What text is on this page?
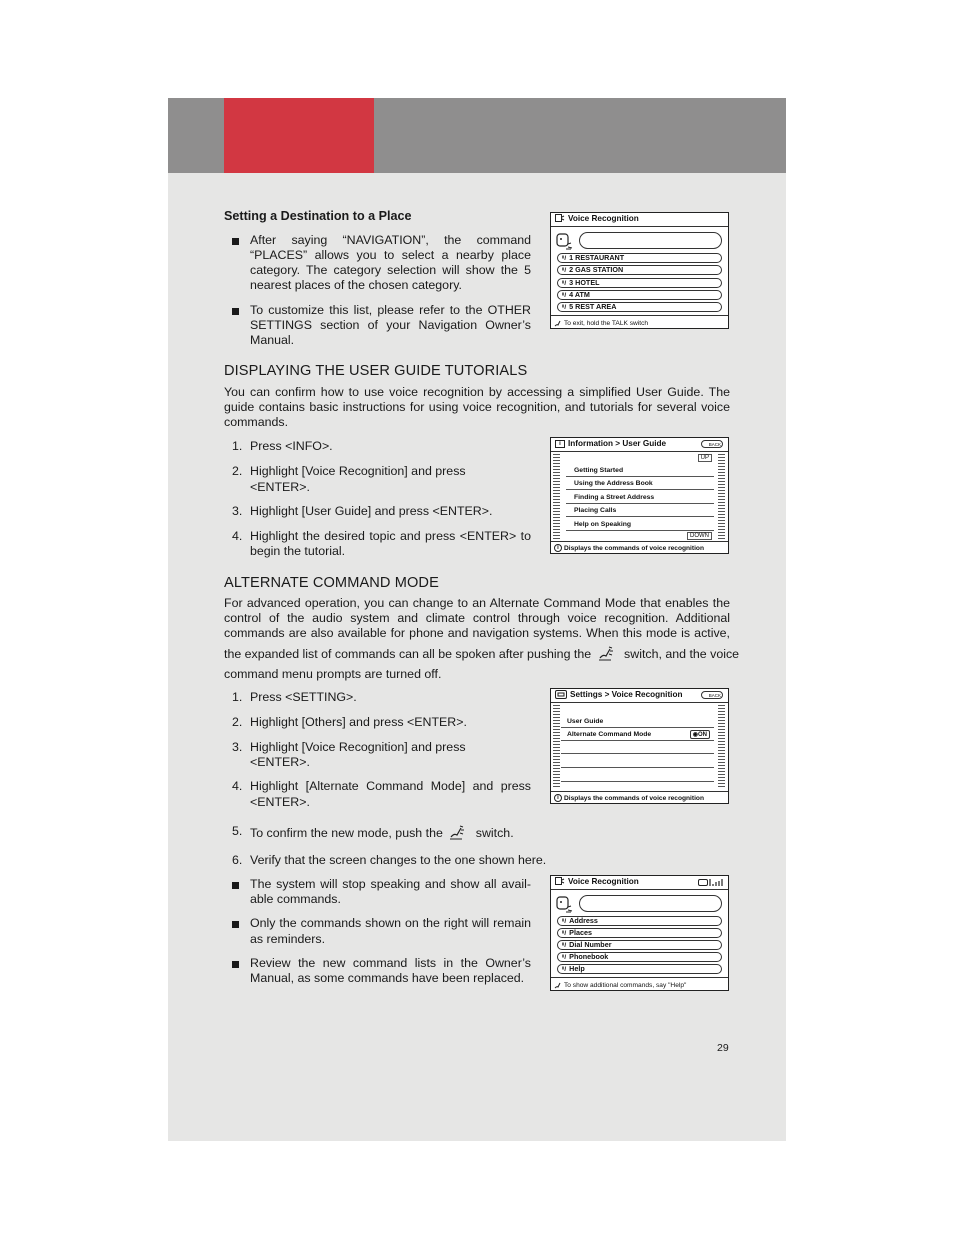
Setting a Destination to a Place
After saying “NAVIGATION”, the command “PLACES” allows you to select a nearby place category. The category selection will show the 5 nearest places of the chosen category.
To customize this list, please refer to the OTHER SETTINGS section of your Navigation Owner’s Manual.
DISPLAYING THE USER GUIDE TUTORIALS
You can confirm how to use voice recognition by accessing a simplified User Guide. The guide contains basic instructions for using voice recognition, and tutorials for several voice commands.
1. Press <INFO>.
2. Highlight [Voice Recognition] and press
<ENTER>.
3. Highlight [User Guide] and press <ENTER>.
4. Highlight the desired topic and press <ENTER> to
begin the tutorial.
ALTERNATE COMMAND MODE
For advanced operation, you can change to an Alternate Command Mode that enables the
control of the audio system and climate control through voice recognition. Additional
commands are also available for phone and navigation systems. When this mode is active,
the expanded list of commands can all be spoken after pushing the	switch, and the voice
command menu prompts are turned off.
1. Press <SETTING>.
2. Highlight [Others] and press <ENTER>.
3. Highlight [Voice Recognition] and press
<ENTER>.
4. Highlight [Alternate Command Mode] and press
<ENTER>.
5. To confirm the new mode, push the	switch.
6. Verify that the screen changes to the one shown here.
The system will stop speaking and show all avail-
able commands.
Only the commands shown on the right will remain
as reminders.
Review the new command lists in the Owner’s
Manual, as some commands have been replaced.
29
Voice Recognition
ᴵᴵ/ 1 RESTAURANT
ᴵᴵ/ 2 GAS STATION
ᴵᴵ/ 3 HOTEL
ᴵᴵ/ 4 ATM
ᴵᴵ/ 5 REST AREA
To exit, hold the TALK switch
i Information > User Guide	BACK
UP
Getting Started
Using the Address Book
Finding a Street Address
Placing Calls
Help on Speaking
DOWN
i Displays the commands of voice recognition
Settings > Voice Recognition	BACK
User Guide
Alternate Command Mode	◉ON
i Displays the commands of voice recognition
Voice Recognition
ᴵᴵ/ Address
ᴵᴵ/ Places
ᴵᴵ/ Dial Number
ᴵᴵ/ Phonebook
ᴵᴵ/ Help
To show additional commands, say "Help"
